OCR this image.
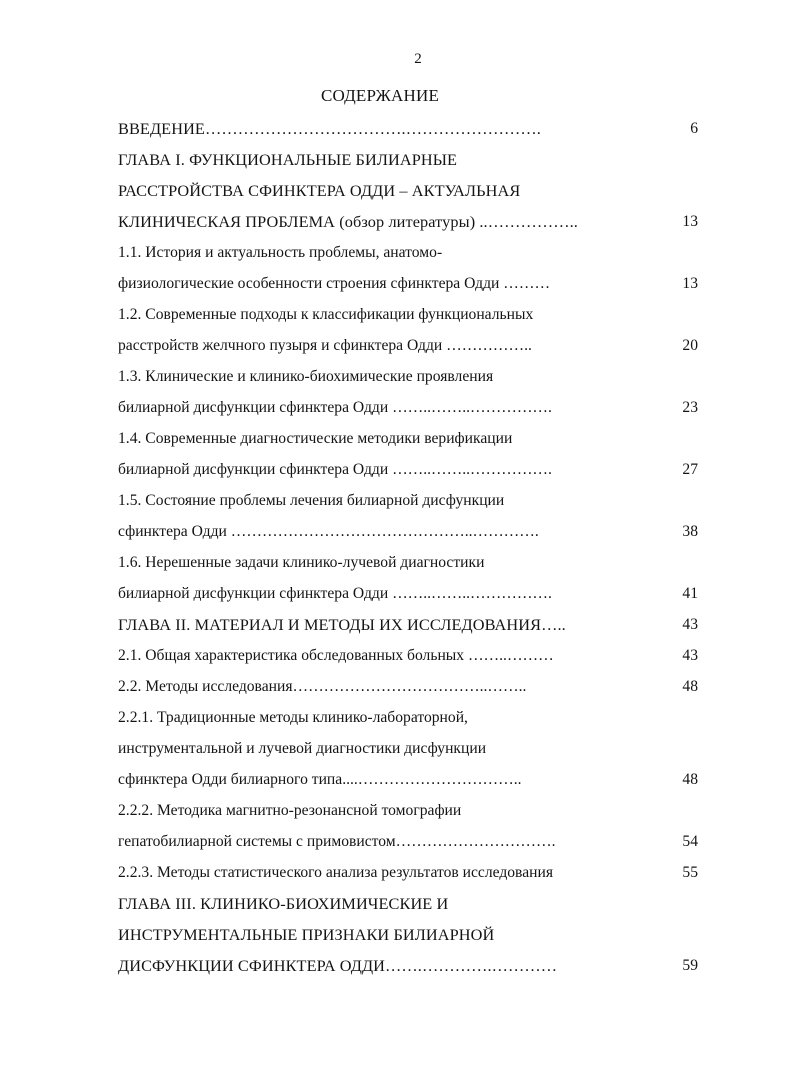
2
СОДЕРЖАНИЕ
ВВЕДЕНИЕ……………………………….…………………….	6
ГЛАВА I. ФУНКЦИОНАЛЬНЫЕ БИЛИАРНЫЕ
РАССТРОЙСТВА СФИНКТЕРА ОДДИ – АКТУАЛЬНАЯ
КЛИНИЧЕСКАЯ ПРОБЛЕМА (обзор литературы) ..……………..	13
1.1. История и актуальность проблемы, анатомо-
физиологические особенности строения сфинктера Одди ………	13
1.2. Современные подходы к классификации функциональных
расстройств желчного пузыря и сфинктера Одди ……………..	20
1.3. Клинические и клинико-биохимические проявления
билиарной дисфункции сфинктера Одди ……..……..…………….	23
1.4. Современные диагностические методики верификации
билиарной дисфункции сфинктера Одди ……..……..…………….	27
1.5. Состояние проблемы лечения билиарной дисфункции
сфинктера Одди ………………………………………..………….	38
1.6. Нерешенные задачи клинико-лучевой диагностики
билиарной дисфункции сфинктера Одди ……..……..…………….	41
ГЛАВА II. МАТЕРИАЛ И МЕТОДЫ ИХ ИССЛЕДОВАНИЯ…..	43
2.1. Общая характеристика обследованных больных ……..………	43
2.2. Методы исследования………………………………..……..	48
2.2.1. Традиционные методы клинико-лабораторной,
инструментальной и лучевой диагностики дисфункции
сфинктера Одди билиарного типа....…………………………..	48
2.2.2. Методика магнитно-резонансной томографии
гепатобилиарной системы с примовистом………………………….	54
2.2.3. Методы статистического анализа результатов исследования	55
ГЛАВА III. КЛИНИКО-БИОХИМИЧЕСКИЕ И
ИНСТРУМЕНТАЛЬНЫЕ ПРИЗНАКИ БИЛИАРНОЙ
ДИСФУНКЦИИ СФИНКТЕРА ОДДИ…….………….…………	59
